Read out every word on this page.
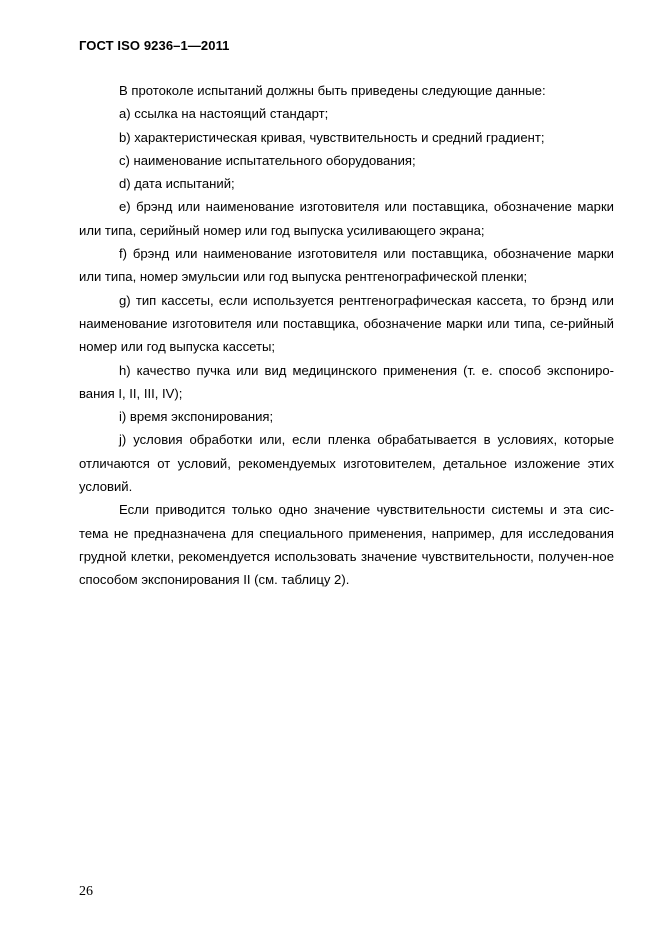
ГОСТ ISO 9236–1—2011

В протоколе испытаний должны быть приведены следующие данные:

a) ссылка на настоящий стандарт;

b) характеристическая кривая, чувствительность и средний градиент;

c) наименование испытательного оборудования;

d) дата испытаний;

e) брэнд или наименование изготовителя или поставщика, обозначение марки или типа, серийный номер или год выпуска усиливающего экрана;

f) брэнд или наименование изготовителя или поставщика, обозначение марки или типа, номер эмульсии или год выпуска рентгенографической пленки;

g) тип кассеты, если используется рентгенографическая кассета, то брэнд или наименование изготовителя или поставщика, обозначение марки или типа, се-рийный номер или год выпуска кассеты;

h) качество пучка или вид медицинского применения (т. е. способ экспониро-вания I, II, III, IV);

i) время экспонирования;

j) условия обработки или, если пленка обрабатывается в условиях, которые отличаются от условий, рекомендуемых изготовителем, детальное изложение этих условий.

Если приводится только одно значение чувствительности системы и эта сис-тема не предназначена для специального применения, например, для исследования грудной клетки, рекомендуется использовать значение чувствительности, получен-ное способом экспонирования II (см. таблицу 2).

26
